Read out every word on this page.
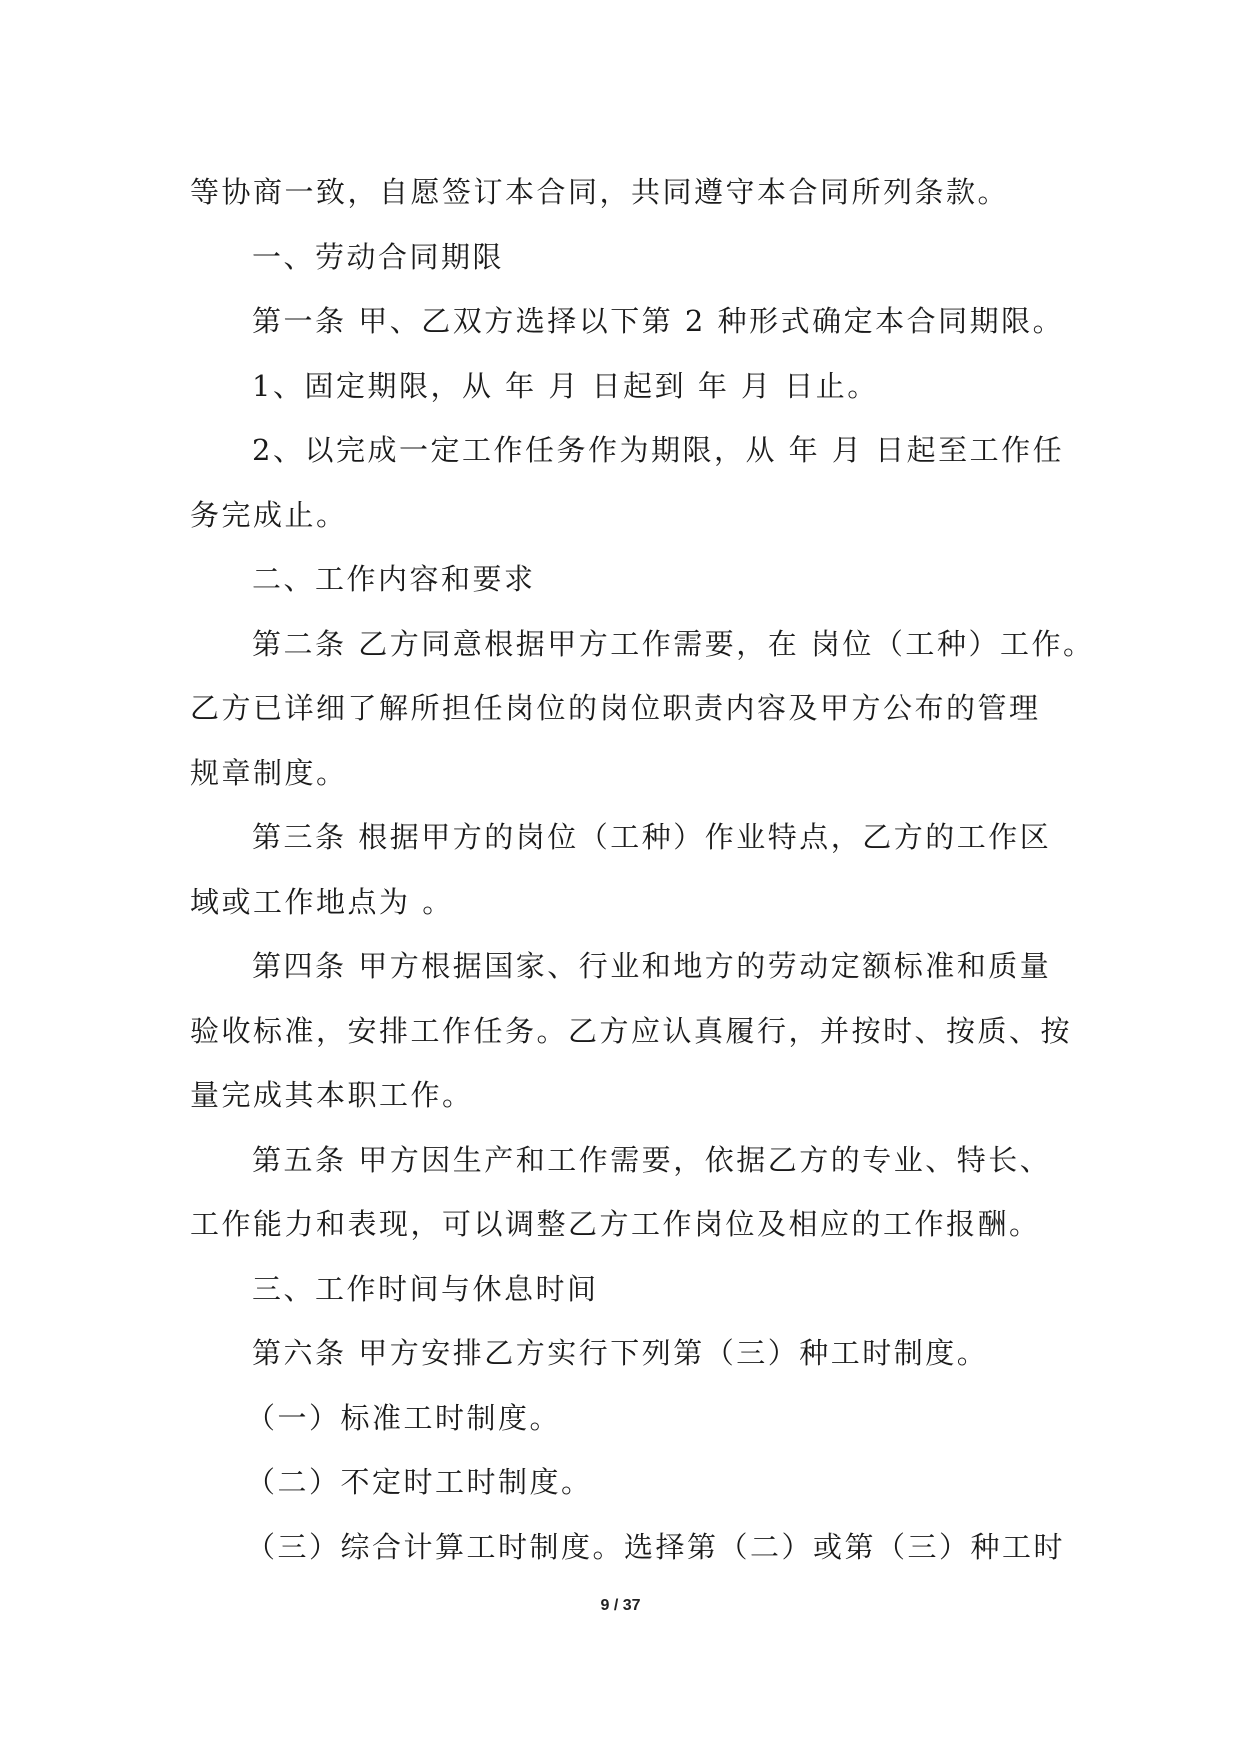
等协商一致，自愿签订本合同，共同遵守本合同所列条款。
一、劳动合同期限
第一条 甲、乙双方选择以下第 2 种形式确定本合同期限。
1、固定期限，从 年 月 日起到 年 月 日止。
2、以完成一定工作任务作为期限，从 年 月 日起至工作任
务完成止。
二、工作内容和要求
第二条 乙方同意根据甲方工作需要，在 岗位（工种）工作。
乙方已详细了解所担任岗位的岗位职责内容及甲方公布的管理
规章制度。
第三条 根据甲方的岗位（工种）作业特点，乙方的工作区
域或工作地点为 。
第四条 甲方根据国家、行业和地方的劳动定额标准和质量
验收标准，安排工作任务。乙方应认真履行，并按时、按质、按
量完成其本职工作。
第五条 甲方因生产和工作需要，依据乙方的专业、特长、
工作能力和表现，可以调整乙方工作岗位及相应的工作报酬。
三、工作时间与休息时间
第六条 甲方安排乙方实行下列第（三）种工时制度。
（一）标准工时制度。
（二）不定时工时制度。
（三）综合计算工时制度。选择第（二）或第（三）种工时
9 / 37
